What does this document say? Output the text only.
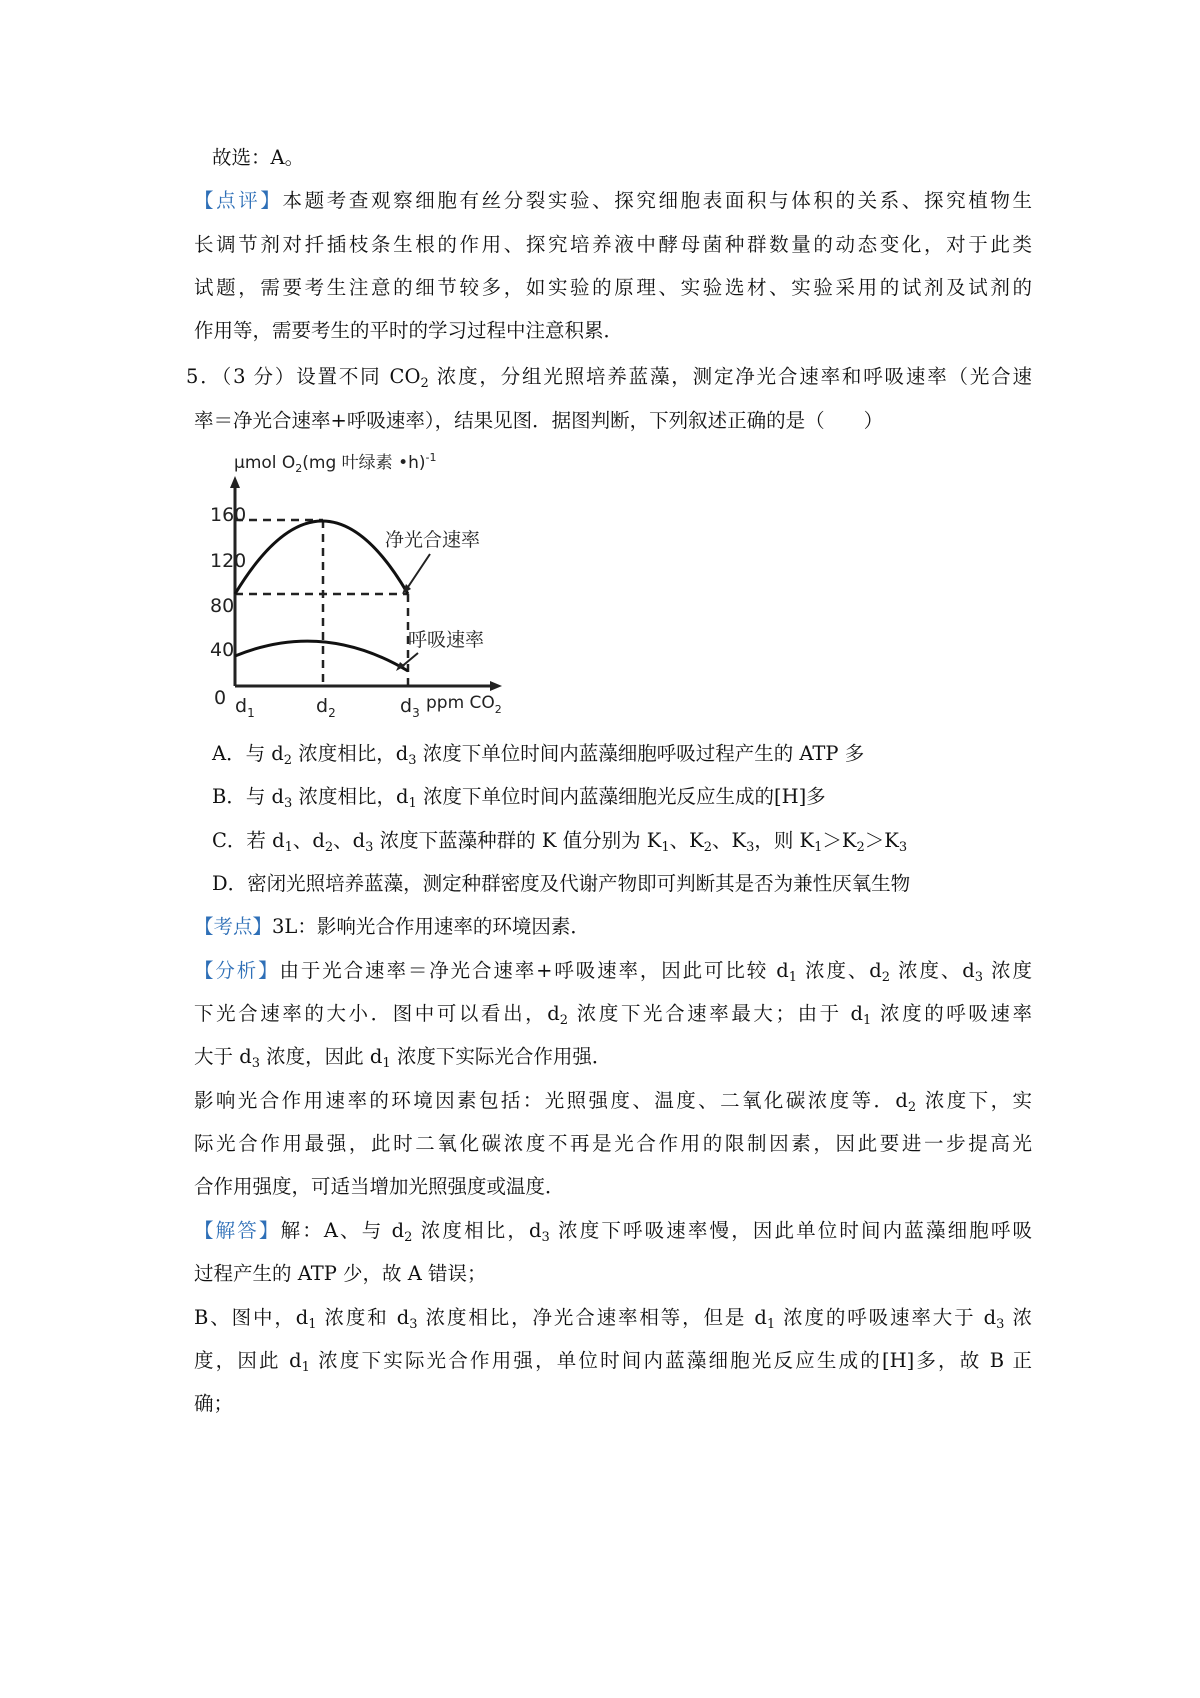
故选：A。
【点评】本题考查观察细胞有丝分裂实验、探究细胞表面积与体积的关系、探究植物生
长调节剂对扦插枝条生根的作用、探究培养液中酵母菌种群数量的动态变化，对于此类
试题，需要考生注意的细节较多，如实验的原理、实验选材、实验采用的试剂及试剂的
作用等，需要考生的平时的学习过程中注意积累．
5．（3 分）设置不同 $CO_2$ 浓度，分组光照培养蓝藻，测定净光合速率和呼吸速率（光合速
率＝净光合速率+呼吸速率），结果见图．据图判断，下列叙述正确的是（　　）
160
120
80
40
0 $d_1$	$d_2$	$d_3$
μmol $O_2(mg$ 叶绿素 •h)$^{-1}$
ppm $CO_2$
净光合速率
呼吸速率
A．与 $d_2$ 浓度相比，$d_3$ 浓度下单位时间内蓝藻细胞呼吸过程产生的 ATP 多
B．与 $d_3$ 浓度相比，$d_1$ 浓度下单位时间内蓝藻细胞光反应生成的[H]多
C．若 $d_1$、$d_2$、$d_3$ 浓度下蓝藻种群的 K 值分别为 $K_1$、$K_2$、$K_3$，则 $K_1>K_2>K_3$
D．密闭光照培养蓝藻，测定种群密度及代谢产物即可判断其是否为兼性厌氧生物
【考点】3L：影响光合作用速率的环境因素．
【分析】由于光合速率＝净光合速率+呼吸速率，因此可比较 $d_1$ 浓度、$d_2$ 浓度、$d_3$ 浓度
下光合速率的大小．图中可以看出，$d_2$ 浓度下光合速率最大；由于 $d_1$ 浓度的呼吸速率
大于 $d_3$ 浓度，因此 $d_1$ 浓度下实际光合作用强．
影响光合作用速率的环境因素包括：光照强度、温度、二氧化碳浓度等．$d_2$ 浓度下，实
际光合作用最强，此时二氧化碳浓度不再是光合作用的限制因素，因此要进一步提高光
合作用强度，可适当增加光照强度或温度．
【解答】解：A、与 $d_2$ 浓度相比，$d_3$ 浓度下呼吸速率慢，因此单位时间内蓝藻细胞呼吸
过程产生的 ATP 少，故 A 错误；
B、图中，$d_1$ 浓度和 $d_3$ 浓度相比，净光合速率相等，但是 $d_1$ 浓度的呼吸速率大于 $d_3$ 浓
度，因此 $d_1$ 浓度下实际光合作用强，单位时间内蓝藻细胞光反应生成的[H]多，故 B 正
确；
